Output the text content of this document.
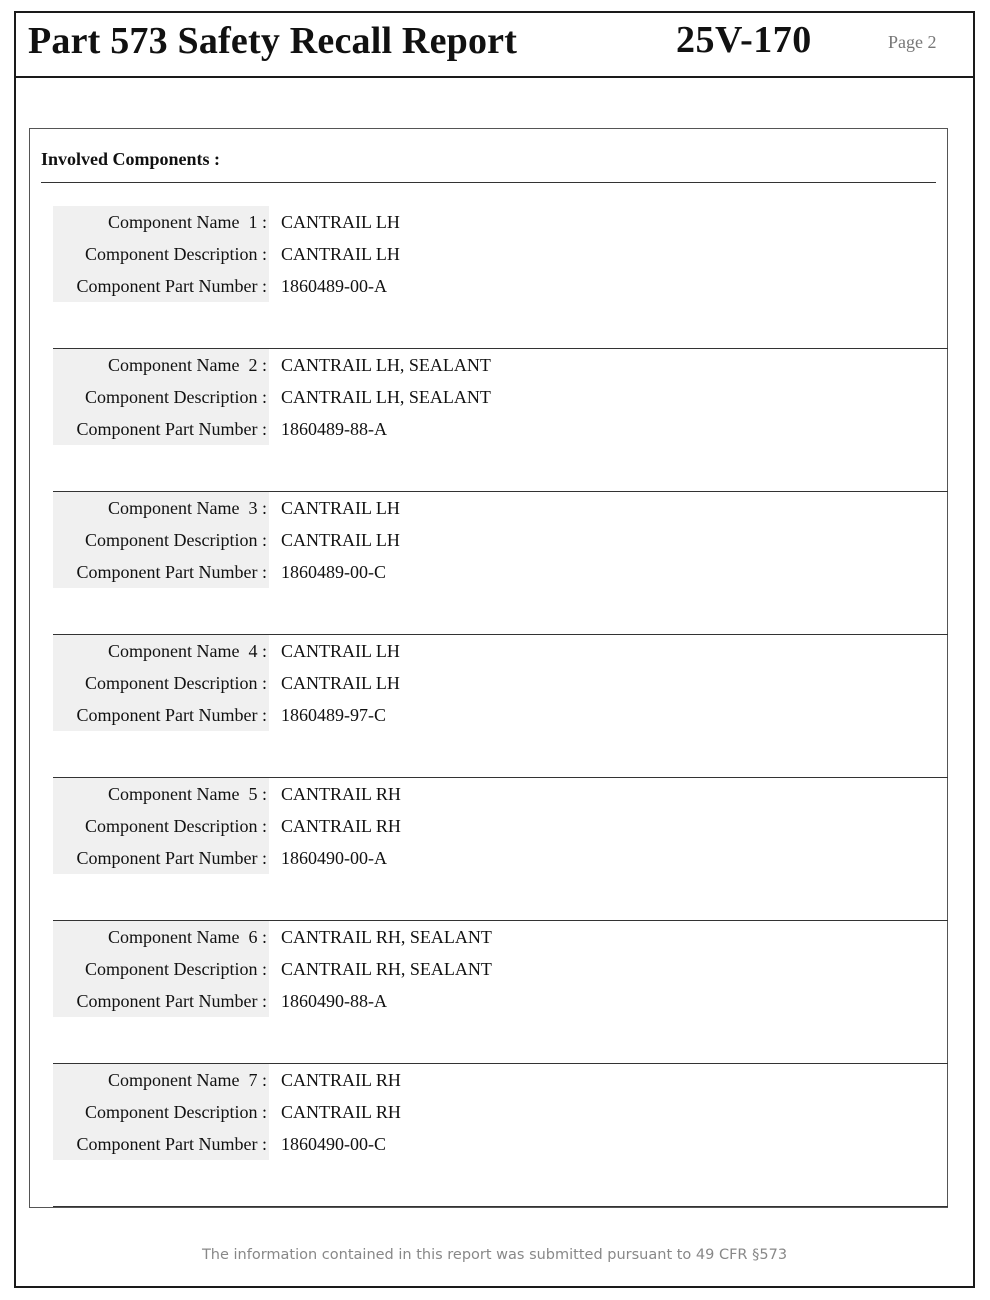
Part 573 Safety Recall Report	25V-170	Page 2
Involved Components :
Component Name 1 : CANTRAIL LH
Component Description : CANTRAIL LH
Component Part Number : 1860489-00-A
Component Name 2 : CANTRAIL LH, SEALANT
Component Description : CANTRAIL LH, SEALANT
Component Part Number : 1860489-88-A
Component Name 3 : CANTRAIL LH
Component Description : CANTRAIL LH
Component Part Number : 1860489-00-C
Component Name 4 : CANTRAIL LH
Component Description : CANTRAIL LH
Component Part Number : 1860489-97-C
Component Name 5 : CANTRAIL RH
Component Description : CANTRAIL RH
Component Part Number : 1860490-00-A
Component Name 6 : CANTRAIL RH, SEALANT
Component Description : CANTRAIL RH, SEALANT
Component Part Number : 1860490-88-A
Component Name 7 : CANTRAIL RH
Component Description : CANTRAIL RH
Component Part Number : 1860490-00-C
The information contained in this report was submitted pursuant to 49 CFR §573
